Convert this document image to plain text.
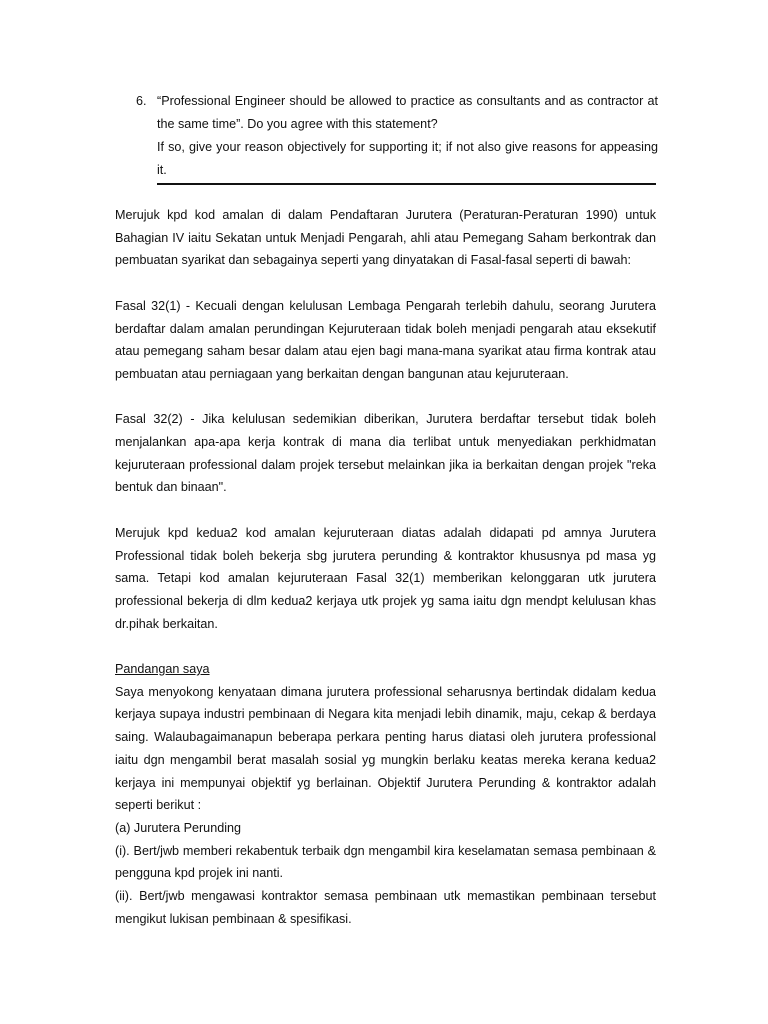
6. “Professional Engineer should be allowed to practice as consultants and as contractor at the same time”. Do you agree with this statement?

If so, give your reason objectively for supporting it; if not also give reasons for appeasing it.

Merujuk kpd kod amalan di dalam Pendaftaran Jurutera (Peraturan-Peraturan 1990) untuk Bahagian IV iaitu Sekatan untuk Menjadi Pengarah, ahli atau Pemegang Saham berkontrak dan pembuatan syarikat dan sebagainya seperti yang dinyatakan di Fasal-fasal seperti di bawah:

Fasal 32(1) - Kecuali dengan kelulusan Lembaga Pengarah terlebih dahulu, seorang Jurutera berdaftar dalam amalan perundingan Kejuruteraan tidak boleh menjadi pengarah atau eksekutif atau pemegang saham besar dalam atau ejen bagi mana-mana syarikat atau firma kontrak atau pembuatan atau perniagaan yang berkaitan dengan bangunan atau kejuruteraan.

Fasal 32(2) - Jika kelulusan sedemikian diberikan, Jurutera berdaftar tersebut tidak boleh menjalankan apa-apa kerja kontrak di mana dia terlibat untuk menyediakan perkhidmatan kejuruteraan professional dalam projek tersebut melainkan jika ia berkaitan dengan projek "reka bentuk dan binaan".

Merujuk kpd kedua2 kod amalan kejuruteraan diatas adalah didapati pd amnya Jurutera Professional tidak boleh bekerja sbg jurutera perunding & kontraktor khususnya pd masa yg sama. Tetapi kod amalan kejuruteraan Fasal 32(1) memberikan kelonggaran utk jurutera professional bekerja di dlm kedua2 kerjaya utk projek yg sama iaitu dgn mendpt kelulusan khas dr.pihak berkaitan.

Pandangan saya

Saya menyokong kenyataan dimana jurutera professional seharusnya bertindak didalam kedua kerjaya supaya industri pembinaan di Negara kita menjadi lebih dinamik, maju, cekap & berdaya saing. Walaubagaimanapun beberapa perkara penting harus diatasi oleh jurutera professional iaitu dgn mengambil berat masalah sosial yg mungkin berlaku keatas mereka kerana kedua2 kerjaya ini mempunyai objektif yg berlainan. Objektif Jurutera Perunding & kontraktor adalah seperti berikut :

(a) Jurutera Perunding

(i). Bert/jwb memberi rekabentuk terbaik dgn mengambil kira keselamatan semasa pembinaan & pengguna kpd projek ini nanti.

(ii). Bert/jwb mengawasi kontraktor semasa pembinaan utk memastikan pembinaan tersebut mengikut lukisan pembinaan & spesifikasi.
